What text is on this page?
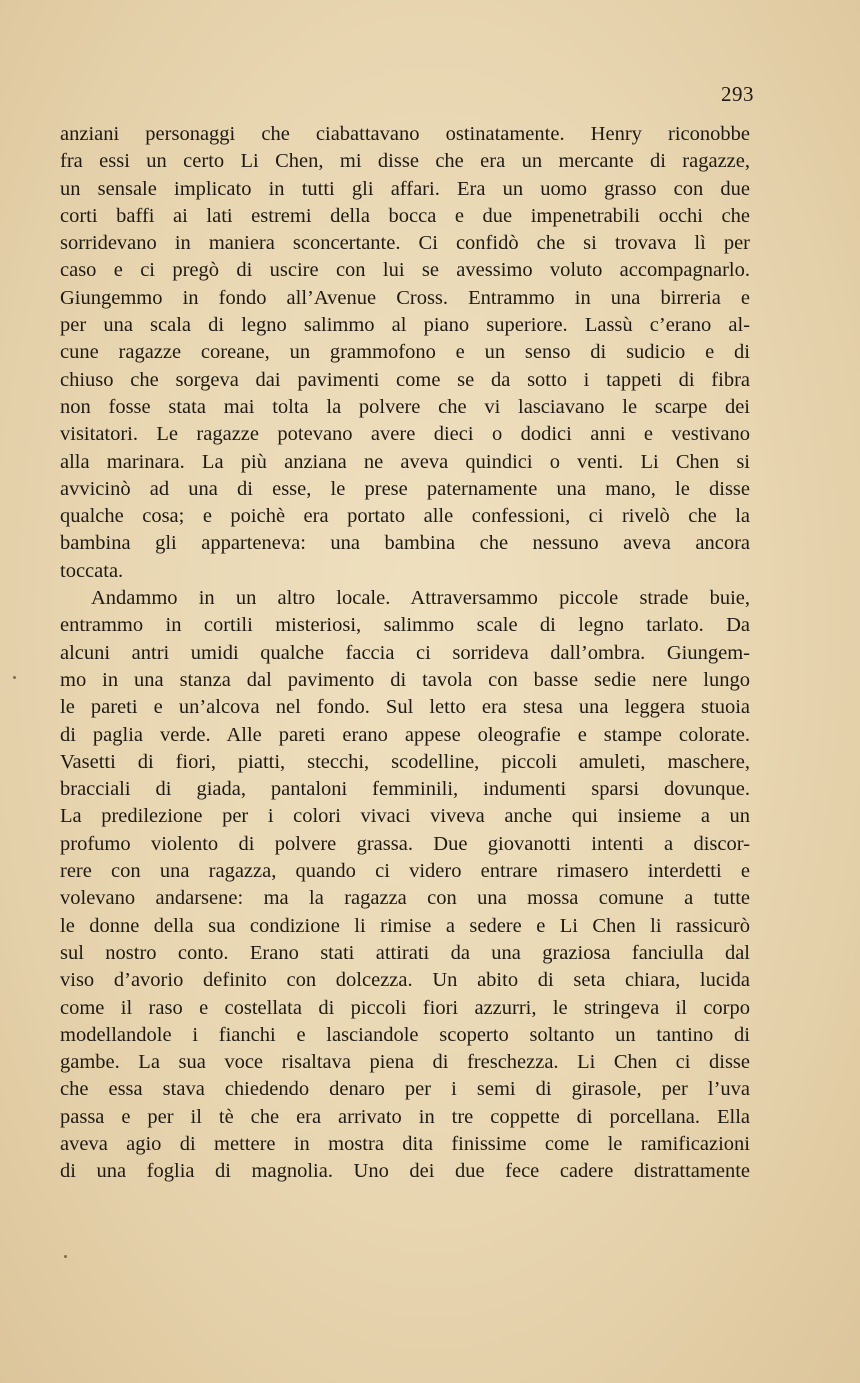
293
anziani personaggi che ciabattavano ostinatamente. Henry riconobbe
fra essi un certo Li Chen, mi disse che era un mercante di ragazze,
un sensale implicato in tutti gli affari. Era un uomo grasso con due
corti baffi ai lati estremi della bocca e due impenetrabili occhi che
sorridevano in maniera sconcertante. Ci confidò che si trovava lì per
caso e ci pregò di uscire con lui se avessimo voluto accompagnarlo.
Giungemmo in fondo all’Avenue Cross. Entrammo in una birreria e
per una scala di legno salimmo al piano superiore. Lassù c’erano al-
cune ragazze coreane, un grammofono e un senso di sudicio e di
chiuso che sorgeva dai pavimenti come se da sotto i tappeti di fibra
non fosse stata mai tolta la polvere che vi lasciavano le scarpe dei
visitatori. Le ragazze potevano avere dieci o dodici anni e vestivano
alla marinara. La più anziana ne aveva quindici o venti. Li Chen si
avvicinò ad una di esse, le prese paternamente una mano, le disse
qualche cosa; e poichè era portato alle confessioni, ci rivelò che la
bambina gli apparteneva: una bambina che nessuno aveva ancora
toccata.
Andammo in un altro locale. Attraversammo piccole strade buie,
entrammo in cortili misteriosi, salimmo scale di legno tarlato. Da
alcuni antri umidi qualche faccia ci sorrideva dall’ombra. Giungem-
mo in una stanza dal pavimento di tavola con basse sedie nere lungo
le pareti e un’alcova nel fondo. Sul letto era stesa una leggera stuoia
di paglia verde. Alle pareti erano appese oleografie e stampe colorate.
Vasetti di fiori, piatti, stecchi, scodelline, piccoli amuleti, maschere,
bracciali di giada, pantaloni femminili, indumenti sparsi dovunque.
La predilezione per i colori vivaci viveva anche qui insieme a un
profumo violento di polvere grassa. Due giovanotti intenti a discor-
rere con una ragazza, quando ci videro entrare rimasero interdetti e
volevano andarsene: ma la ragazza con una mossa comune a tutte
le donne della sua condizione li rimise a sedere e Li Chen li rassicurò
sul nostro conto. Erano stati attirati da una graziosa fanciulla dal
viso d’avorio definito con dolcezza. Un abito di seta chiara, lucida
come il raso e costellata di piccoli fiori azzurri, le stringeva il corpo
modellandole i fianchi e lasciandole scoperto soltanto un tantino di
gambe. La sua voce risaltava piena di freschezza. Li Chen ci disse
che essa stava chiedendo denaro per i semi di girasole, per l’uva
passa e per il tè che era arrivato in tre coppette di porcellana. Ella
aveva agio di mettere in mostra dita finissime come le ramificazioni
di una foglia di magnolia. Uno dei due fece cadere distrattamente
